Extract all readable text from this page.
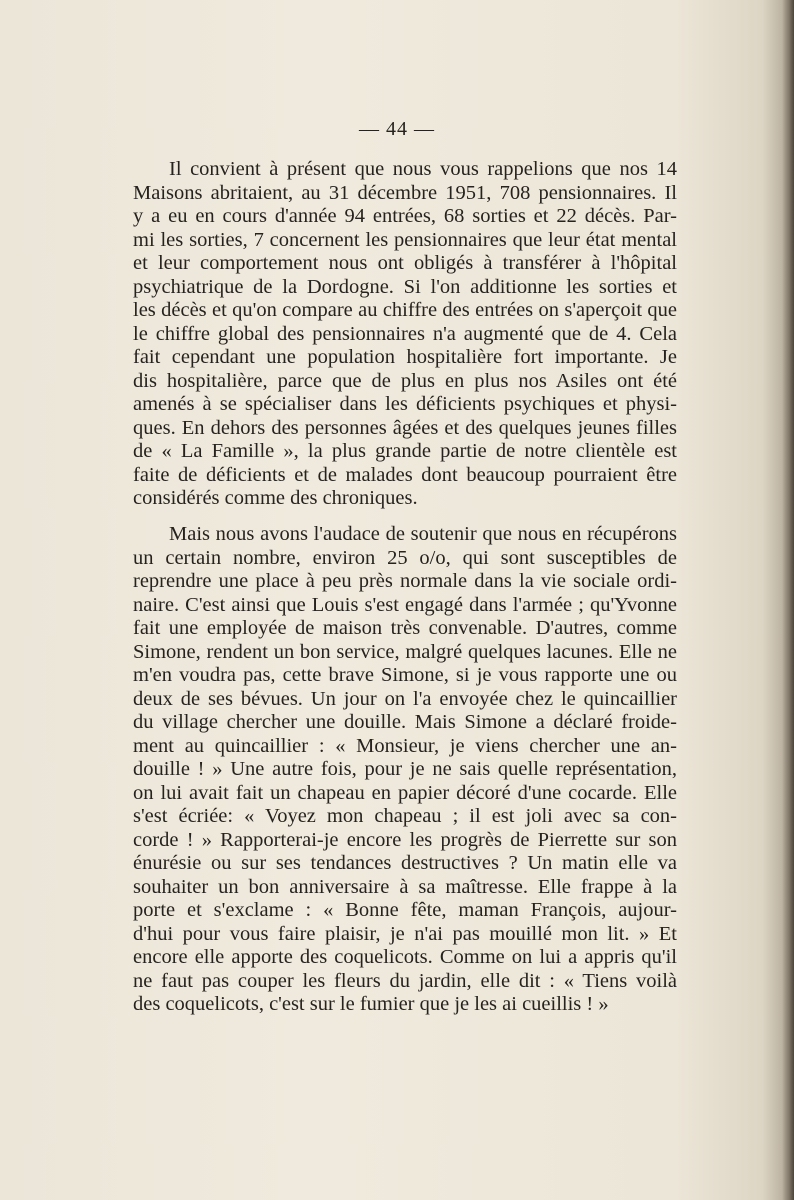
— 44 —
Il convient à présent que nous vous rappelions que nos 14
Maisons abritaient, au 31 décembre 1951, 708 pensionnaires. Il
y a eu en cours d'année 94 entrées, 68 sorties et 22 décès. Par-
mi les sorties, 7 concernent les pensionnaires que leur état mental
et leur comportement nous ont obligés à transférer à l'hôpital
psychiatrique de la Dordogne. Si l'on additionne les sorties et
les décès et qu'on compare au chiffre des entrées on s'aperçoit que
le chiffre global des pensionnaires n'a augmenté que de 4. Cela
fait cependant une population hospitalière fort importante. Je
dis hospitalière, parce que de plus en plus nos Asiles ont été
amenés à se spécialiser dans les déficients psychiques et physi-
ques. En dehors des personnes âgées et des quelques jeunes filles
de « La Famille », la plus grande partie de notre clientèle est
faite de déficients et de malades dont beaucoup pourraient être
considérés comme des chroniques.
Mais nous avons l'audace de soutenir que nous en récupérons
un certain nombre, environ 25 o/o, qui sont susceptibles de
reprendre une place à peu près normale dans la vie sociale ordi-
naire. C'est ainsi que Louis s'est engagé dans l'armée ; qu'Yvonne
fait une employée de maison très convenable. D'autres, comme
Simone, rendent un bon service, malgré quelques lacunes. Elle ne
m'en voudra pas, cette brave Simone, si je vous rapporte une ou
deux de ses bévues. Un jour on l'a envoyée chez le quincaillier
du village chercher une douille. Mais Simone a déclaré froide-
ment au quincaillier : « Monsieur, je viens chercher une an-
douille ! » Une autre fois, pour je ne sais quelle représentation,
on lui avait fait un chapeau en papier décoré d'une cocarde. Elle
s'est écriée: « Voyez mon chapeau ; il est joli avec sa con-
corde ! » Rapporterai-je encore les progrès de Pierrette sur son
énurésie ou sur ses tendances destructives ? Un matin elle va
souhaiter un bon anniversaire à sa maîtresse. Elle frappe à la
porte et s'exclame : « Bonne fête, maman François, aujour-
d'hui pour vous faire plaisir, je n'ai pas mouillé mon lit. » Et
encore elle apporte des coquelicots. Comme on lui a appris qu'il
ne faut pas couper les fleurs du jardin, elle dit : « Tiens voilà
des coquelicots, c'est sur le fumier que je les ai cueillis ! »
